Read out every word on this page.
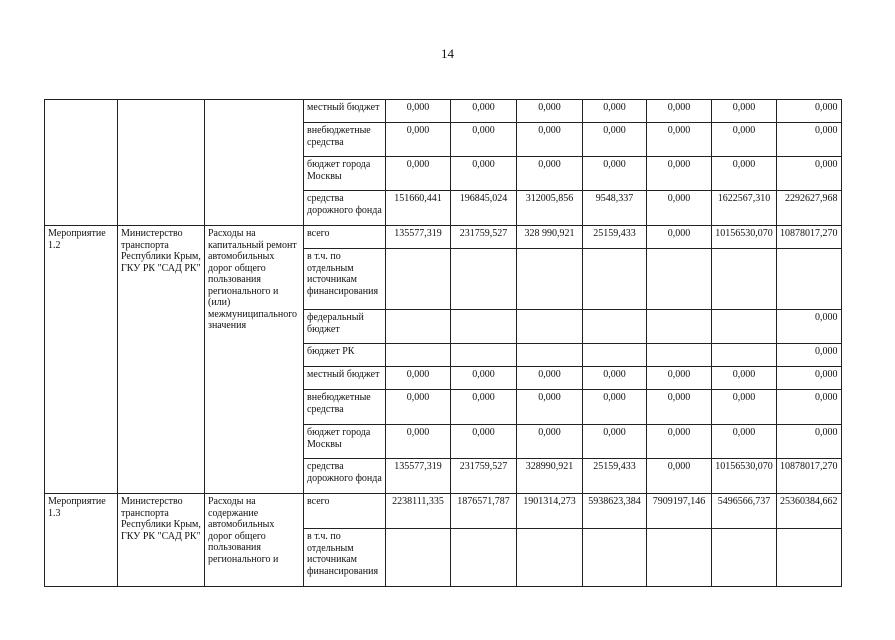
14
			местный бюджет	0,000	0,000	0,000	0,000	0,000	0,000	0,000
			внебюджетные средства	0,000	0,000	0,000	0,000	0,000	0,000	0,000
			бюджет города Москвы	0,000	0,000	0,000	0,000	0,000	0,000	0,000
			средства дорожного фонда	151660,441	196845,024	312005,856	9548,337	0,000	1622567,310	2292627,968
Мероприятие 1.2	Министерство транспорта Республики Крым, ГКУ РК "САД РК"	Расходы на капитальный ремонт автомобильных дорог общего пользования регионального и (или) межмуниципального значения	всего	135577,319	231759,527	328 990,921	25159,433	0,000	10156530,070	10878017,270
			в т.ч. по отдельным источникам финансирования							
			федеральный бюджет							0,000
			бюджет РК							0,000
			местный бюджет	0,000	0,000	0,000	0,000	0,000	0,000	0,000
			внебюджетные средства	0,000	0,000	0,000	0,000	0,000	0,000	0,000
			бюджет города Москвы	0,000	0,000	0,000	0,000	0,000	0,000	0,000
			средства дорожного фонда	135577,319	231759,527	328990,921	25159,433	0,000	10156530,070	10878017,270
Мероприятие 1.3	Министерство транспорта Республики Крым, ГКУ РК "САД РК"	Расходы на содержание автомобильных дорог общего пользования регионального и	всего	2238111,335	1876571,787	1901314,273	5938623,384	7909197,146	5496566,737	25360384,662
			в т.ч. по отдельным источникам финансирования							
